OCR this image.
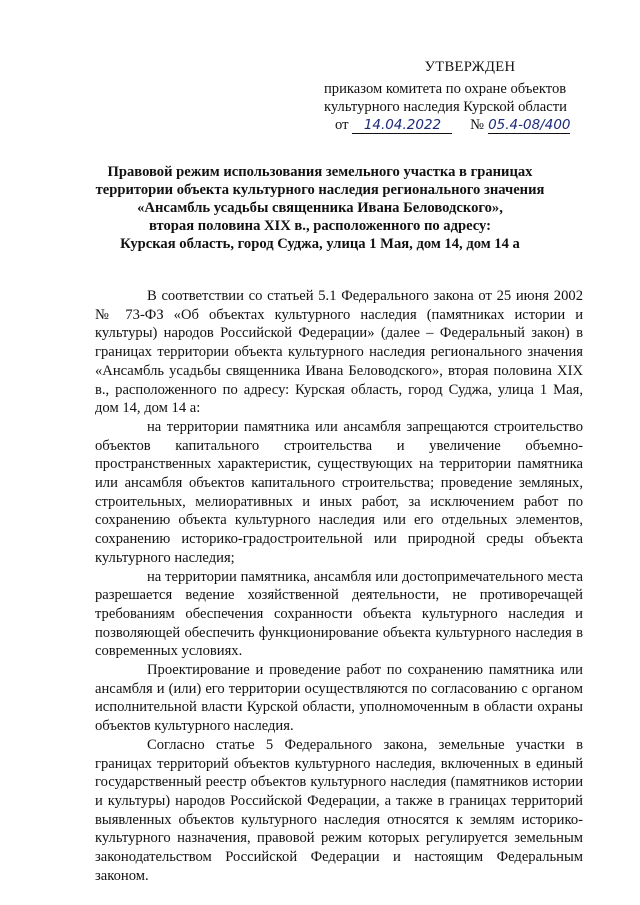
УТВЕРЖДЕН
приказом комитета по охране объектов
культурного наследия Курской области
от 14.04.2022 № 05.4-08/400
Правовой режим использования земельного участка в границах
территории объекта культурного наследия регионального значения
«Ансамбль усадьбы священника Ивана Беловодского»,
вторая половина XIX в., расположенного по адресу:
Курская область, город Суджа, улица 1 Мая, дом 14, дом 14 а

В соответствии со статьей 5.1 Федерального закона от 25 июня 2002 № 73-ФЗ «Об объектах культурного наследия (памятниках истории и культуры) народов Российской Федерации» (далее – Федеральный закон) в границах территории объекта культурного наследия регионального значения «Ансамбль усадьбы священника Ивана Беловодского», вторая половина XIX в., расположенного по адресу: Курская область, город Суджа, улица 1 Мая, дом 14, дом 14 а:

на территории памятника или ансамбля запрещаются строительство объектов капитального строительства и увеличение объемно-пространственных характеристик, существующих на территории памятника или ансамбля объектов капитального строительства; проведение земляных, строительных, мелиоративных и иных работ, за исключением работ по сохранению объекта культурного наследия или его отдельных элементов, сохранению историко-градостроительной или природной среды объекта культурного наследия;

на территории памятника, ансамбля или достопримечательного места разрешается ведение хозяйственной деятельности, не противоречащей требованиям обеспечения сохранности объекта культурного наследия и позволяющей обеспечить функционирование объекта культурного наследия в современных условиях.

Проектирование и проведение работ по сохранению памятника или ансамбля и (или) его территории осуществляются по согласованию с органом исполнительной власти Курской области, уполномоченным в области охраны объектов культурного наследия.

Согласно статье 5 Федерального закона, земельные участки в границах территорий объектов культурного наследия, включенных в единый государственный реестр объектов культурного наследия (памятников истории и культуры) народов Российской Федерации, а также в границах территорий выявленных объектов культурного наследия относятся к землям историко-культурного назначения, правовой режим которых регулируется земельным законодательством Российской Федерации и настоящим Федеральным законом.
